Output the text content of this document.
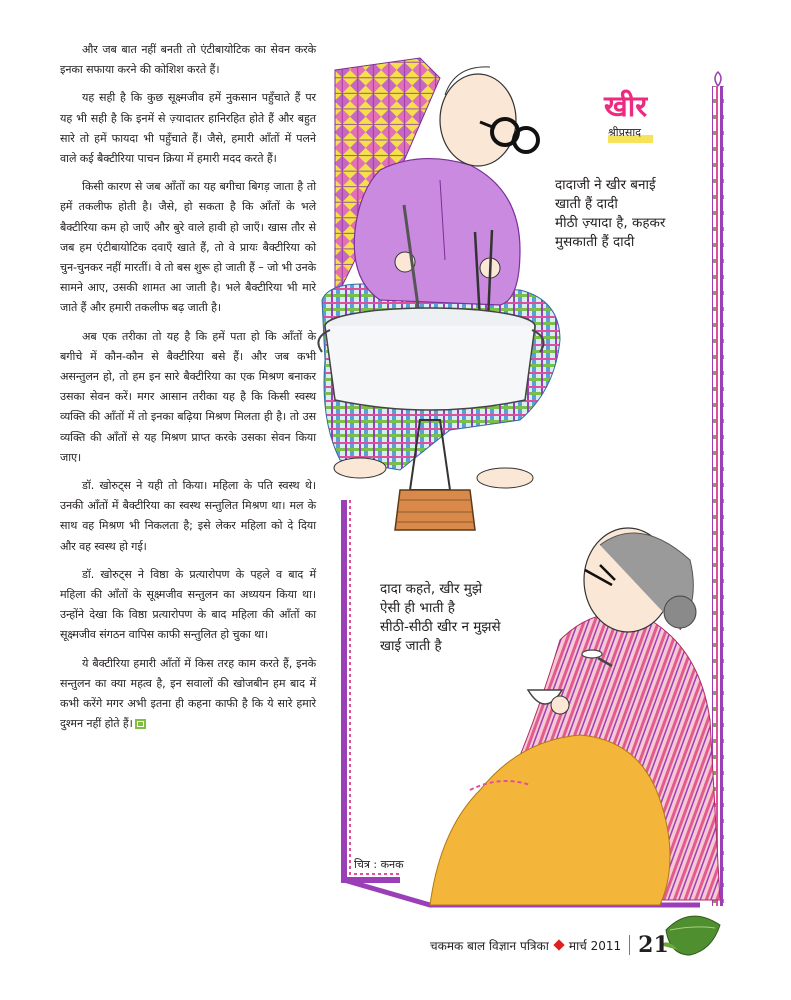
और जब बात नहीं बनती तो एंटीबायोटिक का सेवन करके इनका सफाया करने की कोशिश करते हैं।

यह सही है कि कुछ सूक्ष्मजीव हमें नुकसान पहुँचाते हैं पर यह भी सही है कि इनमें से ज़्यादातर हानिरहित होते हैं और बहुत सारे तो हमें फायदा भी पहुँचाते हैं। जैसे, हमारी आँतों में पलने वाले कई बैक्टीरिया पाचन क्रिया में हमारी मदद करते हैं।

किसी कारण से जब आँतों का यह बगीचा बिगड़ जाता है तो हमें तकलीफ होती है। जैसे, हो सकता है कि आँतों के भले बैक्टीरिया कम हो जाएँ और बुरे वाले हावी हो जाएँ। खास तौर से जब हम एंटीबायोटिक दवाएँ खाते हैं, तो वे प्रायः बैक्टीरिया को चुन-चुनकर नहीं मारतीं। वे तो बस शुरू हो जाती हैं – जो भी उनके सामने आए, उसकी शामत आ जाती है। भले बैक्टीरिया भी मारे जाते हैं और हमारी तकलीफ बढ़ जाती है।

अब एक तरीका तो यह है कि हमें पता हो कि आँतों के बगीचे में कौन-कौन से बैक्टीरिया बसे हैं। और जब कभी असन्तुलन हो, तो हम इन सारे बैक्टीरिया का एक मिश्रण बनाकर उसका सेवन करें। मगर आसान तरीका यह है कि किसी स्वस्थ व्यक्ति की आँतों में तो इनका बढ़िया मिश्रण मिलता ही है। तो उस व्यक्ति की आँतों से यह मिश्रण प्राप्त करके उसका सेवन किया जाए।

डॉ. खोरुट्स ने यही तो किया। महिला के पति स्वस्थ थे। उनकी आँतों में बैक्टीरिया का स्वस्थ सन्तुलित मिश्रण था। मल के साथ वह मिश्रण भी निकलता है; इसे लेकर महिला को दे दिया और वह स्वस्थ हो गई।

डॉ. खोरुट्स ने विष्ठा के प्रत्यारोपण के पहले व बाद में महिला की आँतों के सूक्ष्मजीव सन्तुलन का अध्ययन किया था। उन्होंने देखा कि विष्ठा प्रत्यारोपण के बाद महिला की आँतों का सूक्ष्मजीव संगठन वापिस काफी सन्तुलित हो चुका था।

ये बैक्टीरिया हमारी आँतों में किस तरह काम करते हैं, इनके सन्तुलन का क्या महत्व है, इन सवालों की खोजबीन हम बाद में कभी करेंगे मगर अभी इतना ही कहना काफी है कि ये सारे हमारे दुश्मन नहीं होते हैं।

खीर
श्रीप्रसाद
दादाजी ने खीर बनाई
खाती हैं दादी
मीठी ज़्यादा है, कहकर
मुसकाती हैं दादी
दादा कहते, खीर मुझे
ऐसी ही भाती है
सीठी-सीठी खीर न मुझसे
खाई जाती है
चित्र : कनक
चकमक बाल विज्ञान पत्रिका मार्च 2011 21
